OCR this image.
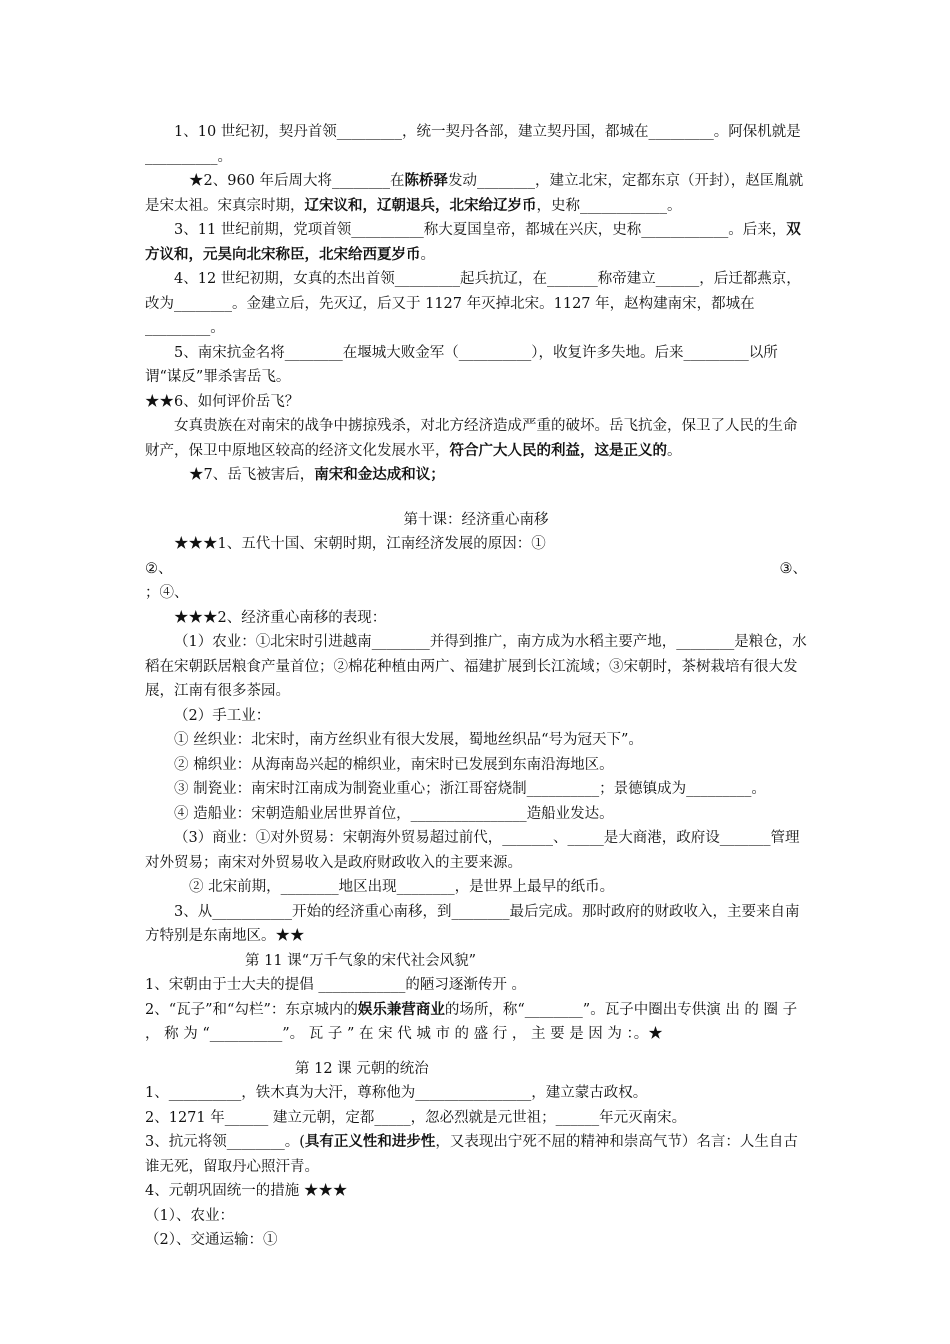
1、10 世纪初，契丹首领_________，统一契丹各部，建立契丹国，都城在_________。阿保机就是__________。

★2、960 年后周大将________在陈桥驿发动________，建立北宋，定都东京（开封），赵匡胤就是宋太祖。宋真宗时期，辽宋议和，辽朝退兵，北宋给辽岁币，史称____________。

3、11 世纪前期，党项首领__________称大夏国皇帝，都城在兴庆，史称____________。后来，双方议和，元昊向北宋称臣，北宋给西夏岁币。

4、12 世纪初期，女真的杰出首领_________起兵抗辽，在_______称帝建立______，后迁都燕京，改为________。金建立后，先灭辽，后又于 1127 年灭掉北宋。1127 年，赵构建南宋，都城在_________。

5、南宋抗金名将________在堰城大败金军（__________），收复许多失地。后来_________以所谓“谋反”罪杀害岳飞。

★★6、如何评价岳飞？

女真贵族在对南宋的战争中掳掠残杀，对北方经济造成严重的破坏。岳飞抗金，保卫了人民的生命财产，保卫中原地区较高的经济文化发展水平，符合广大人民的利益，这是正义的。

★7、岳飞被害后，南宋和金达成和议；

第十课：经济重心南移

★★★1、五代十国、宋朝时期，江南经济发展的原因：①

②、	③、

；④、

★★★2、经济重心南移的表现：

（1）农业：①北宋时引进越南________并得到推广，南方成为水稻主要产地，________是粮仓，水稻在宋朝跃居粮食产量首位；②棉花种植由两广、福建扩展到长江流域；③宋朝时，茶树栽培有很大发展，江南有很多茶园。

（2）手工业：

① 丝织业：北宋时，南方丝织业有很大发展，蜀地丝织品“号为冠天下”。

② 棉织业：从海南岛兴起的棉织业，南宋时已发展到东南沿海地区。

③ 制瓷业：南宋时江南成为制瓷业重心；浙江哥窑烧制__________；景德镇成为_________。

④ 造船业：宋朝造船业居世界首位，________________造船业发达。

（3）商业：①对外贸易：宋朝海外贸易超过前代，_______、_____是大商港，政府设_______管理对外贸易；南宋对外贸易收入是政府财政收入的主要来源。

② 北宋前期，________地区出现________，是世界上最早的纸币。

3、从___________开始的经济重心南移，到________最后完成。那时政府的财政收入，主要来自南方特别是东南地区。★★

第 11 课“万千气象的宋代社会风貌”

1、宋朝由于士大夫的提倡 ____________的陋习逐渐传开 。

2、“瓦子”和“勾栏”：东京城内的娱乐兼营商业的场所，称“________”。瓦子中圈出专供演 出 的 圈 子 ， 称 为 “__________”。 瓦 子 ” 在 宋 代 城 市 的 盛 行 ， 主 要 是 因 为 ：。★

第 12 课 元朝的统治

1、__________，铁木真为大汗，尊称他为________________，建立蒙古政权。

2、1271 年______ 建立元朝，定都_____，忽必烈就是元世祖；______年元灭南宋。

3、抗元将领________。(具有正义性和进步性，又表现出宁死不屈的精神和崇高气节）名言：人生自古谁无死，留取丹心照汗青。

4、元朝巩固统一的措施 ★★★

（1）、农业：

（2）、交通运输：①
